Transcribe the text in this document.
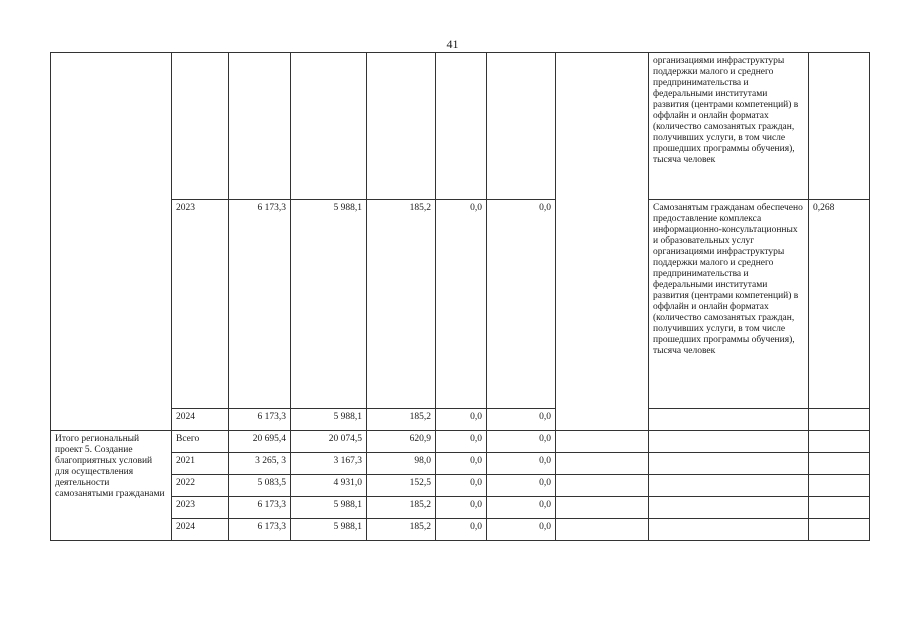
41
								организациями инфраструктуры поддержки малого и среднего предпринимательства и федеральными институтами развития (центрами компетенций) в оффлайн и онлайн форматах (количество самозанятых граждан, получивших услуги, в том числе прошедших программы обучения), тысяча человек	
	2023	6 173,3	5 988,1	185,2	0,0	0,0		Самозанятым гражданам обеспечено предоставление комплекса информационно-консультационных и образовательных услуг организациями инфраструктуры поддержки малого и среднего предпринимательства и федеральными институтами развития (центрами компетенций) в оффлайн и онлайн форматах (количество самозанятых граждан, получивших услуги, в том числе прошедших программы обучения), тысяча человек	0,268
	2024	6 173,3	5 988,1	185,2	0,0	0,0			
Итого региональный проект 5. Создание благоприятных условий для осуществления деятельности самозанятыми гражданами	Всего	20 695,4	20 074,5	620,9	0,0	0,0			
	2021	3 265, 3	3 167,3	98,0	0,0	0,0			
	2022	5 083,5	4 931,0	152,5	0,0	0,0			
	2023	6 173,3	5 988,1	185,2	0,0	0,0			
	2024	6 173,3	5 988,1	185,2	0,0	0,0			
